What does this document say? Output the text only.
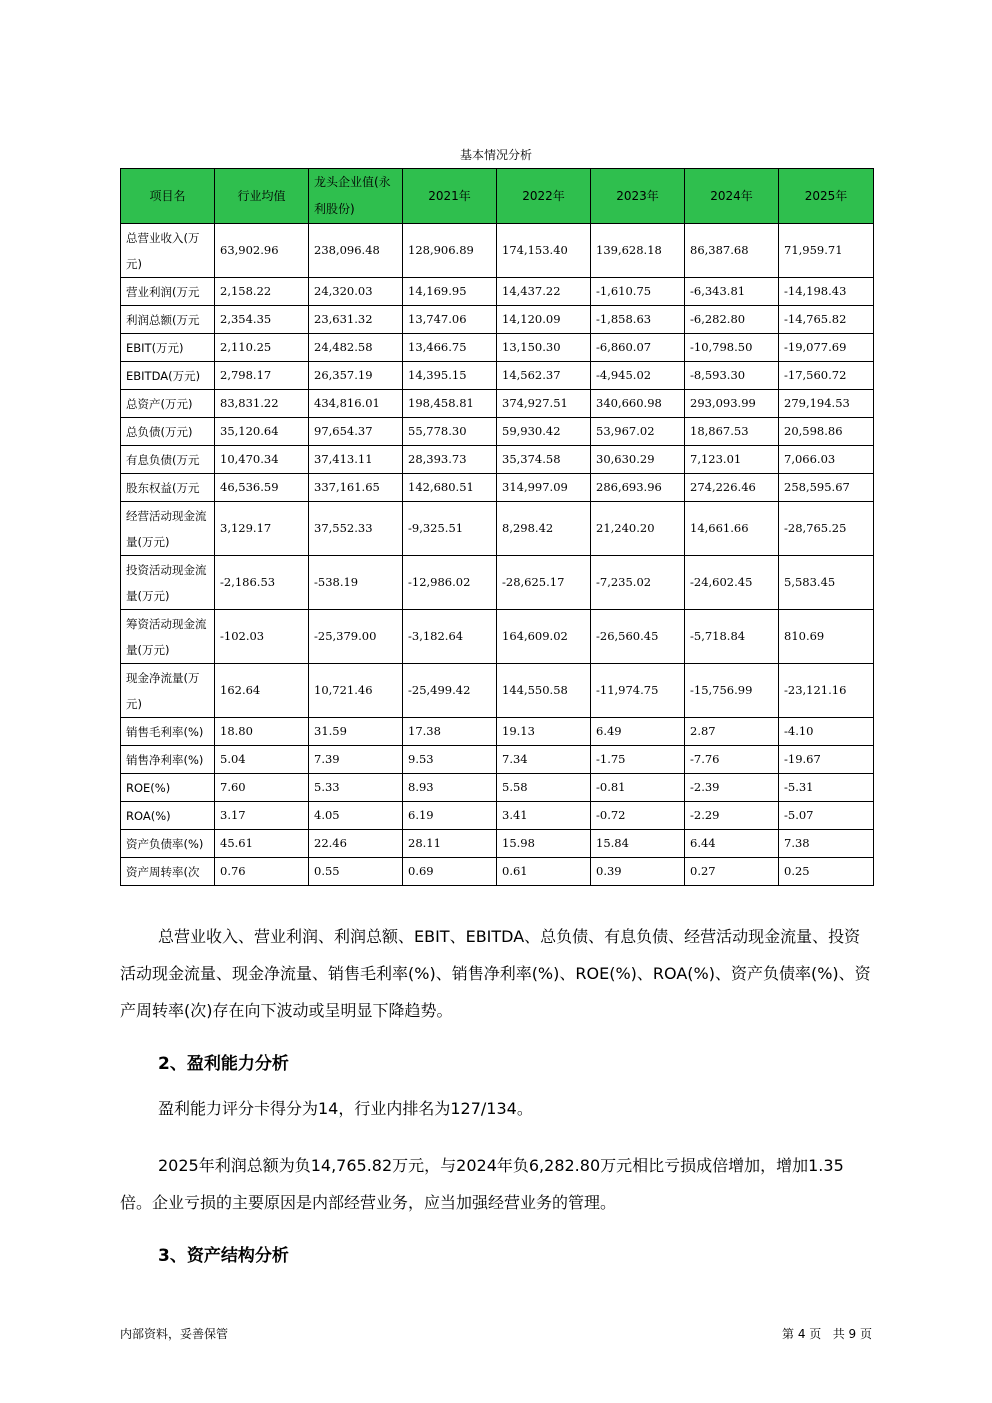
基本情况分析
项目名	行业均值	龙头企业值(永利股份)	2021年	2022年	2023年	2024年	2025年
总营业收入(万元)	63,902.96	238,096.48	128,906.89	174,153.40	139,628.18	86,387.68	71,959.71
营业利润(万元	2,158.22	24,320.03	14,169.95	14,437.22	-1,610.75	-6,343.81	-14,198.43
利润总额(万元	2,354.35	23,631.32	13,747.06	14,120.09	-1,858.63	-6,282.80	-14,765.82
EBIT(万元)	2,110.25	24,482.58	13,466.75	13,150.30	-6,860.07	-10,798.50	-19,077.69
EBITDA(万元)	2,798.17	26,357.19	14,395.15	14,562.37	-4,945.02	-8,593.30	-17,560.72
总资产(万元)	83,831.22	434,816.01	198,458.81	374,927.51	340,660.98	293,093.99	279,194.53
总负债(万元)	35,120.64	97,654.37	55,778.30	59,930.42	53,967.02	18,867.53	20,598.86
有息负债(万元	10,470.34	37,413.11	28,393.73	35,374.58	30,630.29	7,123.01	7,066.03
股东权益(万元	46,536.59	337,161.65	142,680.51	314,997.09	286,693.96	274,226.46	258,595.67
经营活动现金流量(万元)	3,129.17	37,552.33	-9,325.51	8,298.42	21,240.20	14,661.66	-28,765.25
投资活动现金流量(万元)	-2,186.53	-538.19	-12,986.02	-28,625.17	-7,235.02	-24,602.45	5,583.45
筹资活动现金流量(万元)	-102.03	-25,379.00	-3,182.64	164,609.02	-26,560.45	-5,718.84	810.69
现金净流量(万元)	162.64	10,721.46	-25,499.42	144,550.58	-11,974.75	-15,756.99	-23,121.16
销售毛利率(%)	18.80	31.59	17.38	19.13	6.49	2.87	-4.10
销售净利率(%)	5.04	7.39	9.53	7.34	-1.75	-7.76	-19.67
ROE(%)	7.60	5.33	8.93	5.58	-0.81	-2.39	-5.31
ROA(%)	3.17	4.05	6.19	3.41	-0.72	-2.29	-5.07
资产负债率(%)	45.61	22.46	28.11	15.98	15.84	6.44	7.38
资产周转率(次	0.76	0.55	0.69	0.61	0.39	0.27	0.25

总营业收入、营业利润、利润总额、EBIT、EBITDA、总负债、有息负债、经营活动现金流量、投资活动现金流量、现金净流量、销售毛利率(%)、销售净利率(%)、ROE(%)、ROA(%)、资产负债率(%)、资产周转率(次)存在向下波动或呈明显下降趋势。

2、盈利能力分析

盈利能力评分卡得分为14，行业内排名为127/134。

2025年利润总额为负14,765.82万元，与2024年负6,282.80万元相比亏损成倍增加，增加1.35倍。企业亏损的主要原因是内部经营业务，应当加强经营业务的管理。

3、资产结构分析
内部资料，妥善保管	第 4 页   共 9 页
